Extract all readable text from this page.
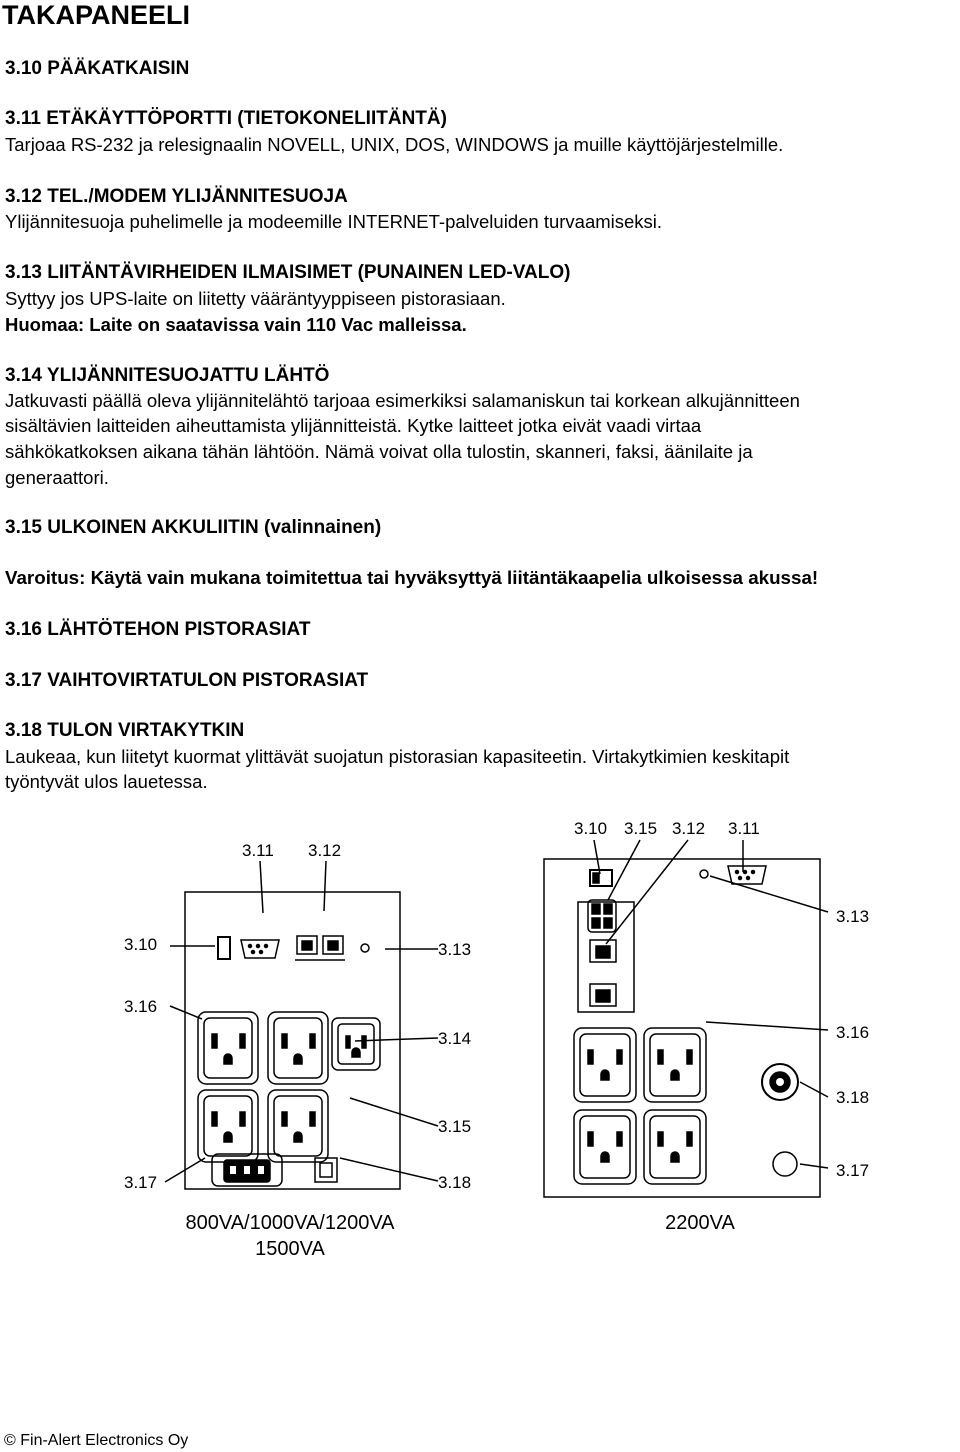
TAKAPANEELI
3.10 PÄÄKATKAISIN
3.11 ETÄKÄYTTÖPORTTI (TIETOKONELIITÄNTÄ)
Tarjoaa RS-232 ja relesignaalin NOVELL, UNIX, DOS, WINDOWS ja muille käyttöjärjestelmille.
3.12 TEL./MODEM YLIJÄNNITESUOJA
Ylijännitesuoja puhelimelle ja modeemille INTERNET-palveluiden turvaamiseksi.
3.13 LIITÄNTÄVIRHEIDEN ILMAISIMET (PUNAINEN LED-VALO)
Syttyy jos UPS-laite on liitetty vääräntyyppiseen pistorasiaan.
Huomaa: Laite on saatavissa vain 110 Vac malleissa.
3.14 YLIJÄNNITESUOJATTU LÄHTÖ
Jatkuvasti päällä oleva ylijännitelähtö tarjoaa esimerkiksi salamaniskun tai korkean alkujännitteen
sisältävien laitteiden aiheuttamista ylijännitteistä. Kytke laitteet jotka eivät vaadi virtaa
sähkökatkoksen aikana tähän lähtöön. Nämä voivat olla tulostin, skanneri, faksi, äänilaite ja
generaattori.
3.15 ULKOINEN AKKULIITIN (valinnainen)
Varoitus: Käytä vain mukana toimitettua tai hyväksyttyä liitäntäkaapelia ulkoisessa akussa!
3.16 LÄHTÖTEHON PISTORASIAT
3.17 VAIHTOVIRTATULON PISTORASIAT
3.18 TULON VIRTAKYTKIN
Laukeaa, kun liitetyt kuormat ylittävät suojatun pistorasian kapasiteetin. Virtakytkimien keskitapit
työntyvät ulos lauetessa.
3.11 3.12
3.10	3.13
3.16
3.14
3.15
3.17	3.18
3.10 3.15 3.12 3.11
3.13
3.16
3.18
3.17
800VA/1000VA/1200VA
1500VA
2200VA
© Fin-Alert Electronics Oy
